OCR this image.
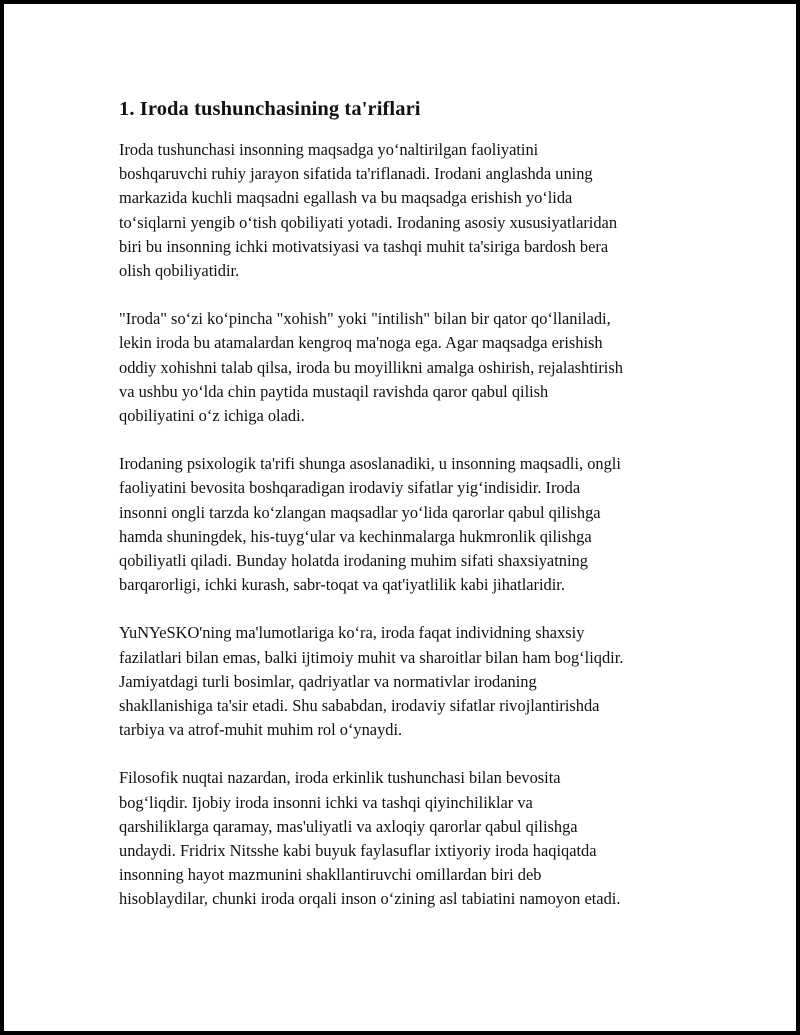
1. Iroda tushunchasining ta'riflari
Iroda tushunchasi insonning maqsadga yo‘naltirilgan faoliyatini
boshqaruvchi ruhiy jarayon sifatida ta'riflanadi. Irodani anglashda uning
markazida kuchli maqsadni egallash va bu maqsadga erishish yo‘lida
to‘siqlarni yengib o‘tish qobiliyati yotadi. Irodaning asosiy xususiyatlaridan
biri bu insonning ichki motivatsiyasi va tashqi muhit ta'siriga bardosh bera
olish qobiliyatidir.
"Iroda" so‘zi ko‘pincha "xohish" yoki "intilish" bilan bir qator qo‘llaniladi,
lekin iroda bu atamalardan kengroq ma'noga ega. Agar maqsadga erishish
oddiy xohishni talab qilsa, iroda bu moyillikni amalga oshirish, rejalashtirish
va ushbu yo‘lda chin paytida mustaqil ravishda qaror qabul qilish
qobiliyatini o‘z ichiga oladi.
Irodaning psixologik ta'rifi shunga asoslanadiki, u insonning maqsadli, ongli
faoliyatini bevosita boshqaradigan irodaviy sifatlar yig‘indisidir. Iroda
insonni ongli tarzda ko‘zlangan maqsadlar yo‘lida qarorlar qabul qilishga
hamda shuningdek, his-tuyg‘ular va kechinmalarga hukmronlik qilishga
qobiliyatli qiladi. Bunday holatda irodaning muhim sifati shaxsiyatning
barqarorligi, ichki kurash, sabr-toqat va qat'iyatlilik kabi jihatlaridir.
YuNYeSKO'ning ma'lumotlariga ko‘ra, iroda faqat individning shaxsiy
fazilatlari bilan emas, balki ijtimoiy muhit va sharoitlar bilan ham bog‘liqdir.
Jamiyatdagi turli bosimlar, qadriyatlar va normativlar irodaning
shakllanishiga ta'sir etadi. Shu sababdan, irodaviy sifatlar rivojlantirishda
tarbiya va atrof-muhit muhim rol o‘ynaydi.
Filosofik nuqtai nazardan, iroda erkinlik tushunchasi bilan bevosita
bog‘liqdir. Ijobiy iroda insonni ichki va tashqi qiyinchiliklar va
qarshiliklarga qaramay, mas'uliyatli va axloqiy qarorlar qabul qilishga
undaydi. Fridrix Nitsshe kabi buyuk faylasuflar ixtiyoriy iroda haqiqatda
insonning hayot mazmunini shakllantiruvchi omillardan biri deb
hisoblaydilar, chunki iroda orqali inson o‘zining asl tabiatini namoyon etadi.
